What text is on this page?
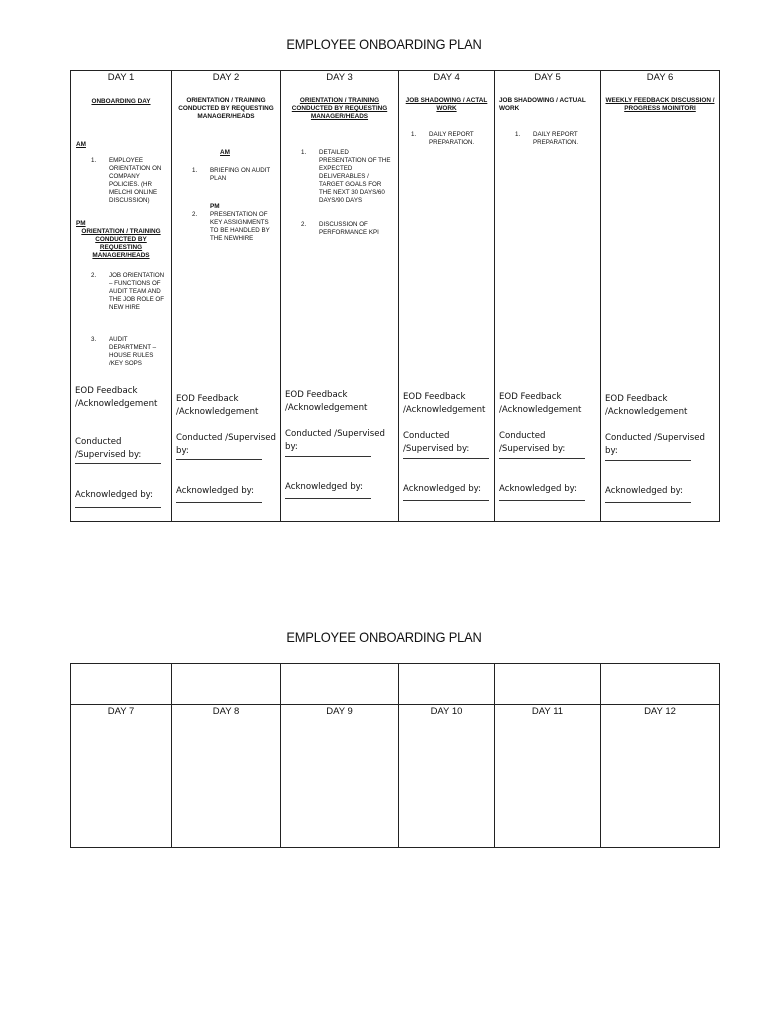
EMPLOYEE ONBOARDING PLAN
DAY 1
ONBOARDING DAY
AM
1. EMPLOYEE ORIENTATION ON COMPANY POLICIES. (HR MELCHI ONLINE DISCUSSION)
PM
ORIENTATION / TRAINING CONDUCTED BY REQUESTING MANAGER/HEADS
2. JOB ORIENTATION – FUNCTIONS OF AUDIT TEAM AND THE JOB ROLE OF NEW HIRE
3. AUDIT DEPARTMENT – HOUSE RULES /KEY SOPS
EOD Feedback /Acknowledgement
Conducted /Supervised by:
Acknowledged by:
DAY 2
ORIENTATION / TRAINING CONDUCTED BY REQUESTING MANAGER/HEADS
AM
1. BRIEFING ON AUDIT PLAN
PM
2. PRESENTATION OF KEY ASSIGNMENTS TO BE HANDLED BY THE NEWHIRE
EOD Feedback /Acknowledgement
Conducted /Supervised by:
Acknowledged by:
DAY 3
ORIENTATION / TRAINING CONDUCTED BY REQUESTING MANAGER/HEADS
1. DETAILED PRESENTATION OF THE EXPECTED DELIVERABLES / TARGET GOALS FOR THE NEXT 30 DAYS/60 DAYS/90 DAYS
2. DISCUSSION OF PERFORMANCE KPI
EOD Feedback /Acknowledgement
Conducted /Supervised by:
Acknowledged by:
DAY 4
JOB SHADOWING / ACTAL WORK
1. DAILY REPORT PREPARATION.
EOD Feedback /Acknowledgement
Conducted /Supervised by:
Acknowledged by:
DAY 5
JOB SHADOWING / ACTUAL WORK
1. DAILY REPORT PREPARATION.
EOD Feedback /Acknowledgement
Conducted /Supervised by:
Acknowledged by:
DAY 6
WEEKLY FEEDBACK DISCUSSION / PROGRESS MOINITORI
EOD Feedback /Acknowledgement
Conducted /Supervised by:
Acknowledged by:
EMPLOYEE ONBOARDING PLAN
DAY 7	DAY 8	DAY 9	DAY 10	DAY 11	DAY 12
